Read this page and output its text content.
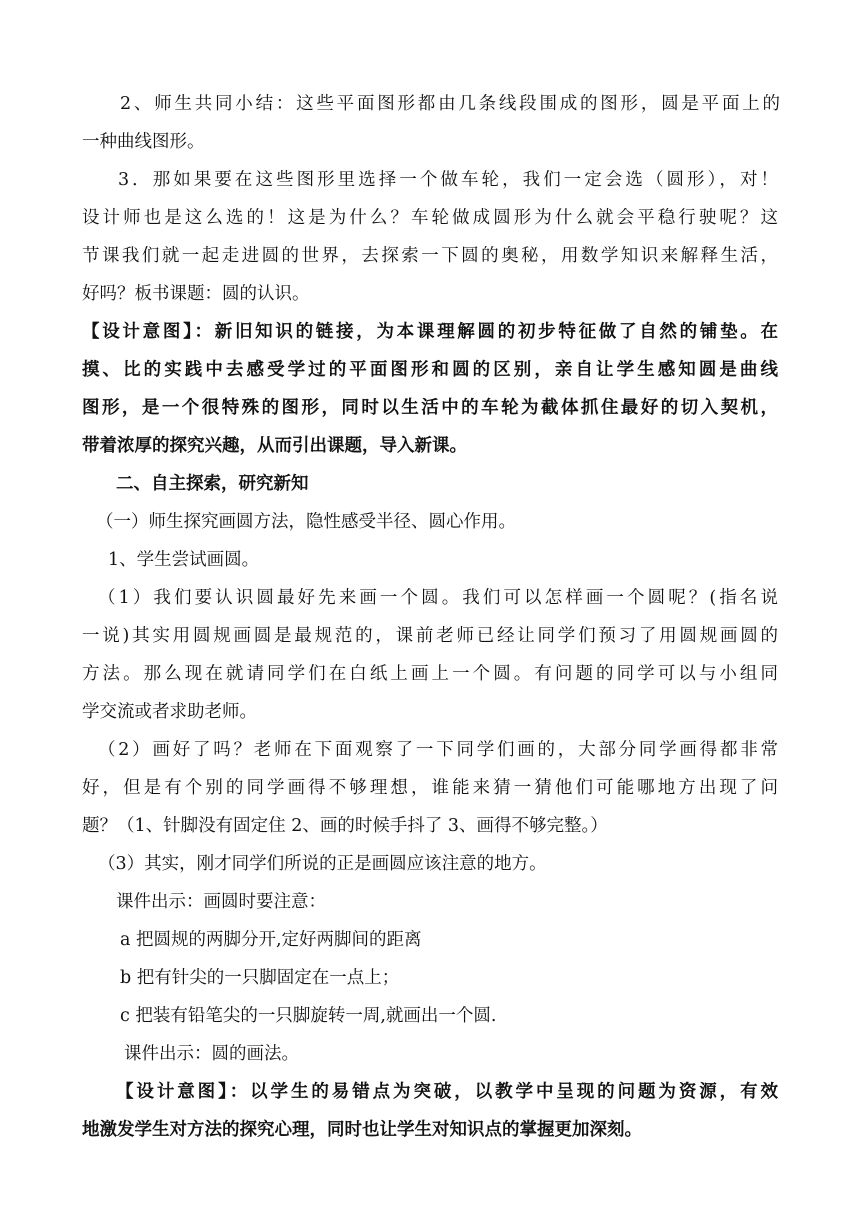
2、师生共同小结：这些平面图形都由几条线段围成的图形，圆是平面上的
一种曲线图形。
3．那如果要在这些图形里选择一个做车轮，我们一定会选（圆形），对！
设计师也是这么选的！这是为什么？车轮做成圆形为什么就会平稳行驶呢？这
节课我们就一起走进圆的世界，去探索一下圆的奥秘，用数学知识来解释生活，
好吗？板书课题：圆的认识。
【设计意图】：新旧知识的链接，为本课理解圆的初步特征做了自然的铺垫。在
摸、比的实践中去感受学过的平面图形和圆的区别，亲自让学生感知圆是曲线
图形，是一个很特殊的图形，同时以生活中的车轮为截体抓住最好的切入契机，
带着浓厚的探究兴趣，从而引出课题，导入新课。
二、自主探索，研究新知
（一）师生探究画圆方法，隐性感受半径、圆心作用。
1、学生尝试画圆。
（1）我们要认识圆最好先来画一个圆。我们可以怎样画一个圆呢？(指名说
一说)其实用圆规画圆是最规范的，课前老师已经让同学们预习了用圆规画圆的
方法。那么现在就请同学们在白纸上画上一个圆。有问题的同学可以与小组同
学交流或者求助老师。
（2）画好了吗？老师在下面观察了一下同学们画的，大部分同学画得都非常
好，但是有个别的同学画得不够理想，谁能来猜一猜他们可能哪地方出现了问
题？（1、针脚没有固定住 2、画的时候手抖了 3、画得不够完整。）
（3）其实，刚才同学们所说的正是画圆应该注意的地方。
课件出示：画圆时要注意：
a 把圆规的两脚分开,定好两脚间的距离
b 把有针尖的一只脚固定在一点上；
c 把装有铅笔尖的一只脚旋转一周,就画出一个圆.
课件出示：圆的画法。
【设计意图】：以学生的易错点为突破，以教学中呈现的问题为资源，有效
地激发学生对方法的探究心理，同时也让学生对知识点的掌握更加深刻。
